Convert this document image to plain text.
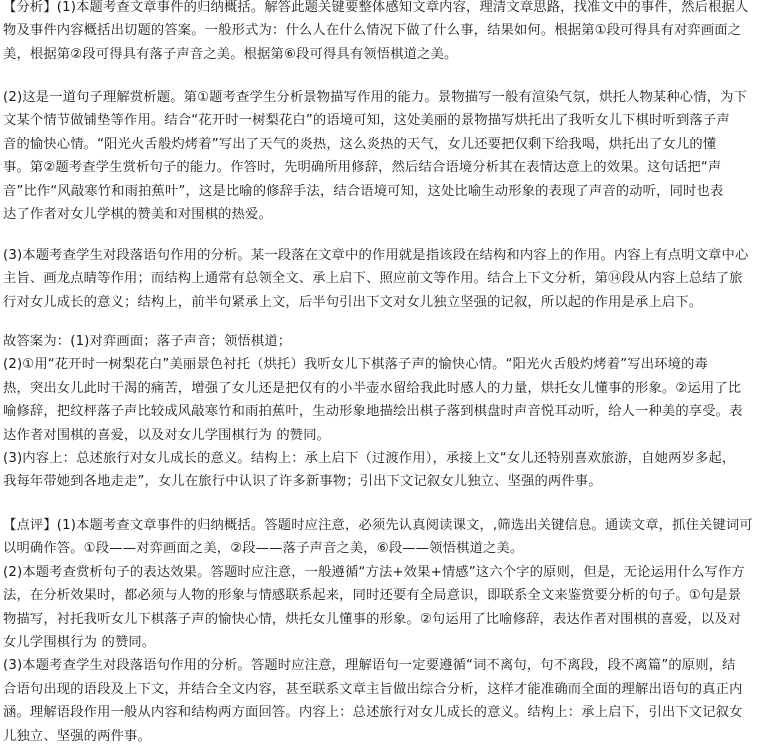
【分析】(1)本题考查文章事件的归纳概括。解答此题关键要整体感知文章内容，理清文章思路，找准文中的事件，然后根据人
物及事件内容概括出切题的答案。一般形式为：什么人在什么情况下做了什么事，结果如何。根据第①段可得具有对弈画面之
美，根据第②段可得具有落子声音之美。根据第⑥段可得具有领悟棋道之美。
(2)这是一道句子理解赏析题。第①题考查学生分析景物描写作用的能力。景物描写一般有渲染气氛，烘托人物某种心情，为下
文某个情节做铺垫等作用。结合“花开时一树梨花白”的语境可知，这处美丽的景物描写烘托出了我听女儿下棋时听到落子声
音的愉快心情。“阳光火舌般灼烤着”写出了天气的炎热，这么炎热的天气，女儿还要把仅剩下给我喝，烘托出了女儿的懂
事。第②题考查学生赏析句子的能力。作答时，先明确所用修辞，然后结合语境分析其在表情达意上的效果。这句话把“声
音”比作“风敲寒竹和雨拍蕉叶”，这是比喻的修辞手法，结合语境可知，这处比喻生动形象的表现了声音的动听，同时也表
达了作者对女儿学棋的赞美和对围棋的热爱。
(3)本题考查学生对段落语句作用的分析。某一段落在文章中的作用就是指该段在结构和内容上的作用。内容上有点明文章中心
主旨、画龙点睛等作用；而结构上通常有总领全文、承上启下、照应前文等作用。结合上下文分析，第⑭段从内容上总结了旅
行对女儿成长的意义；结构上，前半句紧承上文，后半句引出下文对女儿独立坚强的记叙，所以起的作用是承上启下。
故答案为：(1)对弈画面；落子声音；领悟棋道；
(2)①用“花开时一树梨花白”美丽景色衬托（烘托）我听女儿下棋落子声的愉快心情。“阳光火舌般灼烤着”写出环境的毒
热，突出女儿此时干渴的痛苦，增强了女儿还是把仅有的小半壶水留给我此时感人的力量，烘托女儿懂事的形象。②运用了比
喻修辞，把纹枰落子声比较成风敲寒竹和雨拍蕉叶，生动形象地描绘出棋子落到棋盘时声音悦耳动听，给人一种美的享受。表
达作者对围棋的喜爱，以及对女儿学围棋行为 的赞同。
(3)内容上：总述旅行对女儿成长的意义。结构上：承上启下（过渡作用），承接上文“女儿还特别喜欢旅游，自她两岁多起，
我每年带她到各地走走”，女儿在旅行中认识了许多新事物；引出下文记叙女儿独立、坚强的两件事。
【点评】(1)本题考查文章事件的归纳概括。答题时应注意，必须先认真阅读课文，,筛选出关键信息。通读文章，抓住关键词可
以明确作答。①段——对弈画面之美，②段——落子声音之美，⑥段——领悟棋道之美。
(2)本题考查赏析句子的表达效果。答题时应注意，一般遵循“方法+效果+情感”这六个字的原则，但是，无论运用什么写作方
法，在分析效果时，都必须与人物的形象与情感联系起来，同时还要有全局意识，即联系全文来鉴赏要分析的句子。①句是景
物描写，衬托我听女儿下棋落子声的愉快心情，烘托女儿懂事的形象。②句运用了比喻修辞，表达作者对围棋的喜爱，以及对
女儿学围棋行为 的赞同。
(3)本题考查学生对段落语句作用的分析。答题时应注意，理解语句一定要遵循“词不离句，句不离段，段不离篇”的原则，结
合语句出现的语段及上下文，并结合全文内容，甚至联系文章主旨做出综合分析，这样才能准确而全面的理解出语句的真正内
涵。理解语段作用一般从内容和结构两方面回答。内容上：总述旅行对女儿成长的意义。结构上：承上启下，引出下文记叙女
儿独立、坚强的两件事。
